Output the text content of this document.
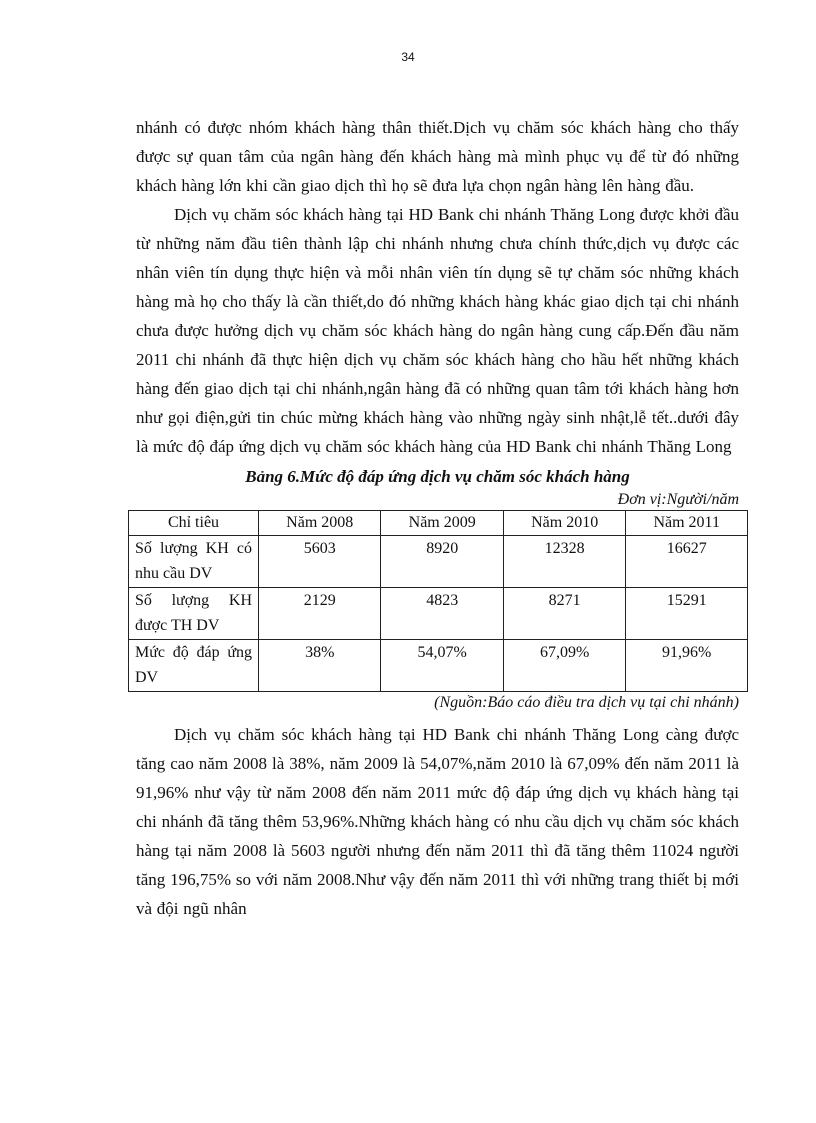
34

nhánh có được nhóm khách hàng thân thiết.Dịch vụ chăm sóc khách hàng cho thấy được sự quan tâm của ngân hàng đến khách hàng mà mình phục vụ để từ đó những khách hàng lớn khi cần giao dịch thì họ sẽ đưa lựa chọn ngân hàng lên hàng đầu.

Dịch vụ chăm sóc khách hàng tại HD Bank chi nhánh Thăng Long được khởi đầu từ những năm đầu tiên thành lập chi nhánh nhưng chưa chính thức,dịch vụ được các nhân viên tín dụng thực hiện và mỗi nhân viên tín dụng sẽ tự chăm sóc những khách hàng mà họ cho thấy là cần thiết,do đó những khách hàng khác giao dịch tại chi nhánh chưa được hưởng dịch vụ chăm sóc khách hàng do ngân hàng cung cấp.Đến đầu năm 2011 chi nhánh đã thực hiện dịch vụ chăm sóc khách hàng cho hầu hết những khách hàng đến giao dịch tại chi nhánh,ngân hàng đã có những quan tâm tới khách hàng hơn như gọi điện,gửi tin chúc mừng khách hàng vào những ngày sinh nhật,lễ tết..dưới đây là mức độ đáp ứng dịch vụ chăm sóc khách hàng của HD Bank chi nhánh Thăng Long

Bảng 6.Mức độ đáp ứng dịch vụ chăm sóc khách hàng

Đơn vị:Người/năm

Chỉ tiêu	Năm 2008	Năm 2009	Năm 2010	Năm 2011
Số lượng KH có nhu cầu DV	5603	8920	12328	16627
Số lượng KH được TH DV	2129	4823	8271	15291
Mức độ đáp ứng DV	38%	54,07%	67,09%	91,96%

(Nguồn:Báo cáo điều tra dịch vụ tại chi nhánh)

Dịch vụ chăm sóc khách hàng tại HD Bank chi nhánh Thăng Long càng được tăng cao năm 2008 là 38%, năm 2009 là 54,07%,năm 2010 là 67,09% đến năm 2011 là 91,96% như vậy từ năm 2008 đến năm 2011 mức độ đáp ứng dịch vụ khách hàng tại chi nhánh đã tăng thêm 53,96%.Những khách hàng có nhu cầu dịch vụ chăm sóc khách hàng tại năm 2008 là 5603 người nhưng đến năm 2011 thì đã tăng thêm 11024 người tăng 196,75% so với năm 2008.Như vậy đến năm 2011 thì với những trang thiết bị mới và đội ngũ nhân
